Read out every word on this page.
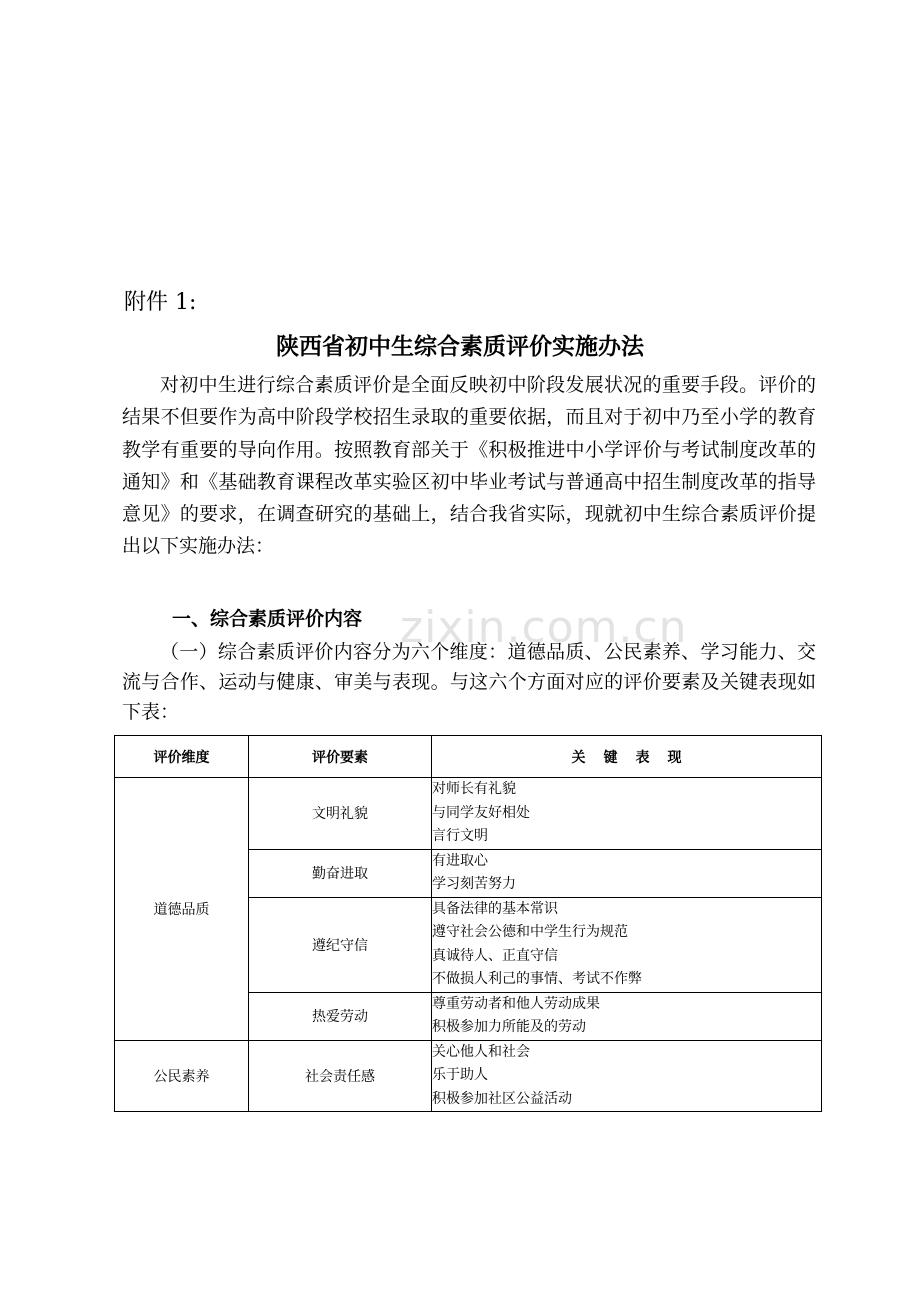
附件 1:
陕西省初中生综合素质评价实施办法

对初中生进行综合素质评价是全面反映初中阶段发展状况的重要手段。评价的结果不但要作为高中阶段学校招生录取的重要依据，而且对于初中乃至小学的教育教学有重要的导向作用。按照教育部关于《积极推进中小学评价与考试制度改革的通知》和《基础教育课程改革实验区初中毕业考试与普通高中招生制度改革的指导意见》的要求，在调查研究的基础上，结合我省实际，现就初中生综合素质评价提出以下实施办法：

一、综合素质评价内容

（一）综合素质评价内容分为六个维度：道德品质、公民素养、学习能力、交流与合作、运动与健康、审美与表现。与这六个方面对应的评价要素及关键表现如下表：

zixin.com.cn
评价维度	评价要素	关键表现
道德品质	文明礼貌	对师长有礼貌
与同学友好相处
言行文明

	勤奋进取	有进取心
学习刻苦努力

	遵纪守信	具备法律的基本常识
遵守社会公德和中学生行为规范
真诚待人、正直守信
不做损人利己的事情、考试不作弊

	热爱劳动	尊重劳动者和他人劳动成果
积极参加力所能及的劳动

公民素养	社会责任感	关心他人和社会
乐于助人
积极参加社区公益活动
